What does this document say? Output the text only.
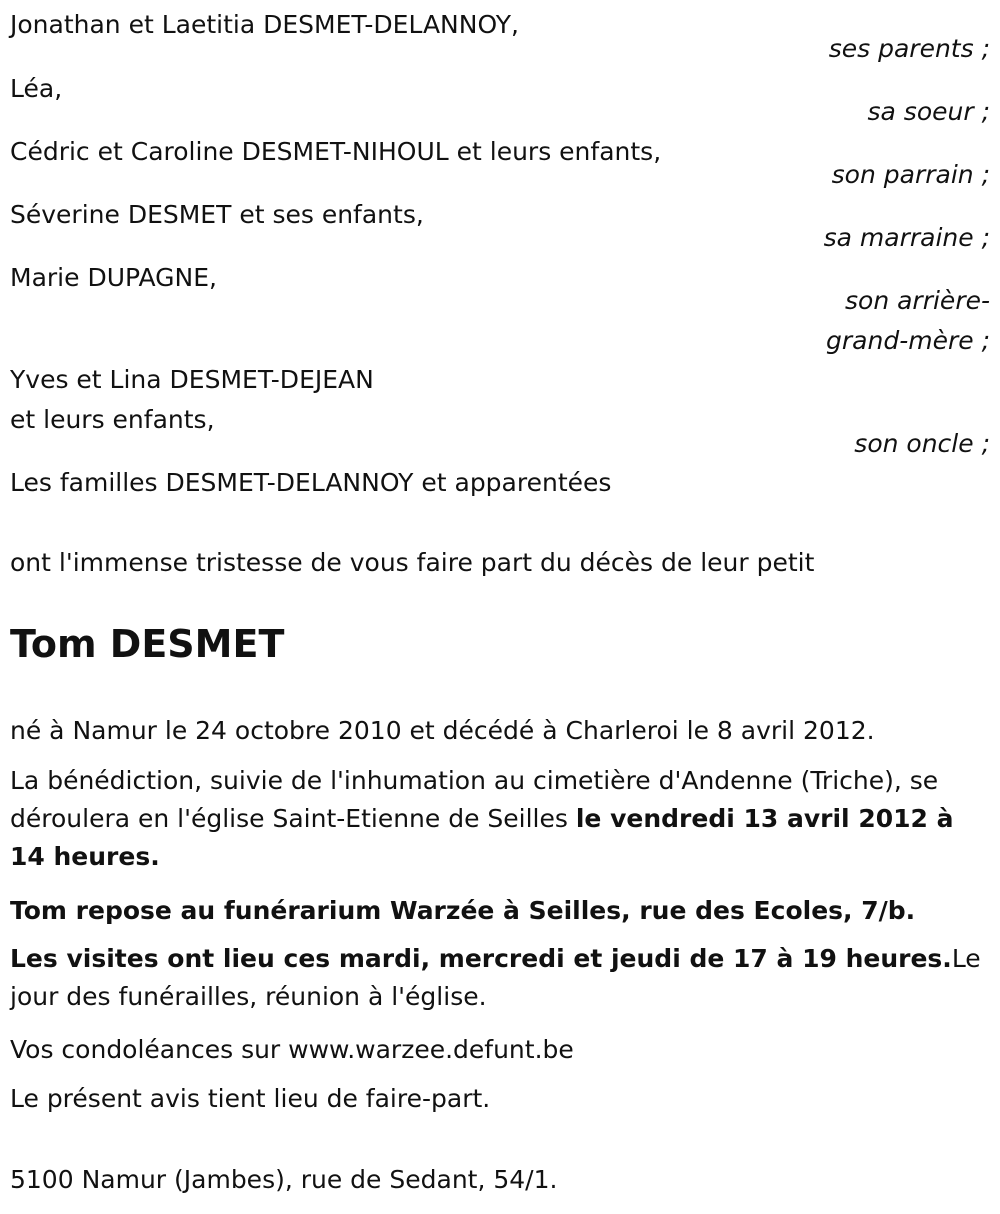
Jonathan et Laetitia DESMET-DELANNOY,
ses parents ;
Léa,
sa soeur ;
Cédric et Caroline DESMET-NIHOUL et leurs enfants,
son parrain ;
Séverine DESMET et ses enfants,
sa marraine ;
Marie DUPAGNE,
son arrière-
grand-mère ;
Yves et Lina DESMET-DEJEAN
et leurs enfants,
son oncle ;
Les familles DESMET-DELANNOY et apparentées
ont l'immense tristesse de vous faire part du décès de leur petit
Tom DESMET
né à Namur le 24 octobre 2010 et décédé à Charleroi le 8 avril 2012.
La bénédiction, suivie de l'inhumation au cimetière d'Andenne (Triche), se déroulera en l'église Saint-Etienne de Seilles le vendredi 13 avril 2012 à 14 heures.
Tom repose au funérarium Warzée à Seilles, rue des Ecoles, 7/b.
Les visites ont lieu ces mardi, mercredi et jeudi de 17 à 19 heures.Le jour des funérailles, réunion à l'église.
Vos condoléances sur www.warzee.defunt.be
Le présent avis tient lieu de faire-part.
5100 Namur (Jambes), rue de Sedant, 54/1.
